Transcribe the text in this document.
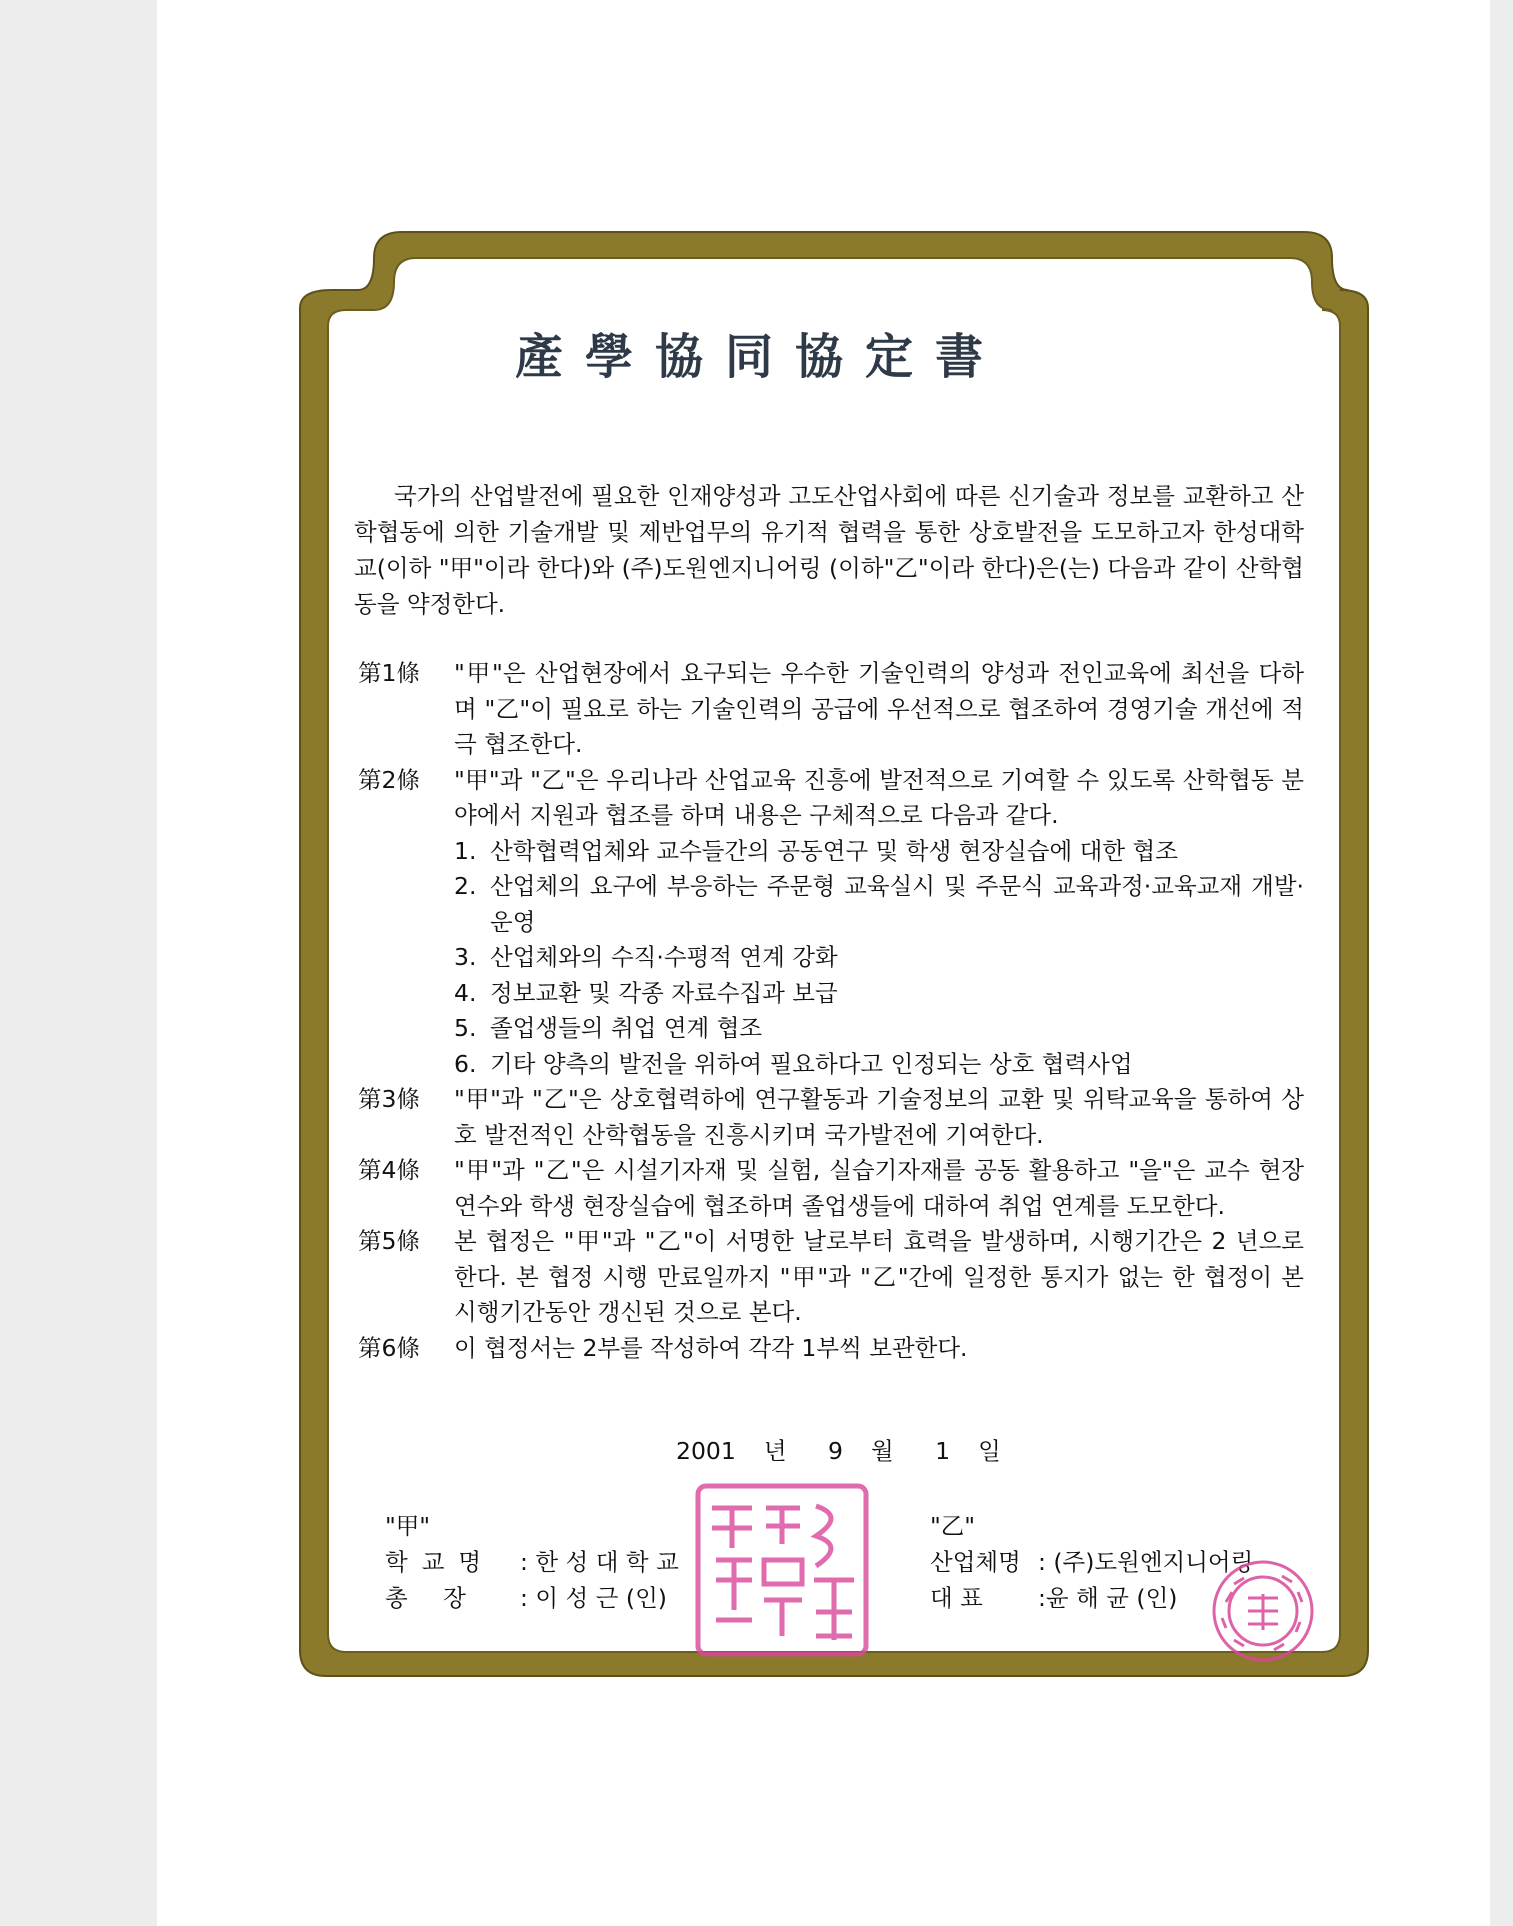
產學協同協定書

국가의 산업발전에 필요한 인재양성과 고도산업사회에 따른 신기술과 정보를 교환하고 산학협동에 의한 기술개발 및 제반업무의 유기적 협력을 통한 상호발전을 도모하고자 한성대학교(이하 "甲"이라 한다)와 (주)도원엔지니어링 (이하"乙"이라 한다)은(는) 다음과 같이 산학협동을 약정한다.

第1條	"甲"은 산업현장에서 요구되는 우수한 기술인력의 양성과 전인교육에 최선을 다하며 "乙"이 필요로 하는 기술인력의 공급에 우선적으로 협조하여 경영기술 개선에 적극 협조한다.
第2條	"甲"과 "乙"은 우리나라 산업교육 진흥에 발전적으로 기여할 수 있도록 산학협동 분야에서 지원과 협조를 하며 내용은 구체적으로 다음과 같다.
1. 산학협력업체와 교수들간의 공동연구 및 학생 현장실습에 대한 협조
2. 산업체의 요구에 부응하는 주문형 교육실시 및 주문식 교육과정·교육교재 개발·운영
3. 산업체와의 수직·수평적 연계 강화
4. 정보교환 및 각종 자료수집과 보급
5. 졸업생들의 취업 연계 협조
6. 기타 양측의 발전을 위하여 필요하다고 인정되는 상호 협력사업
第3條	"甲"과 "乙"은 상호협력하에 연구활동과 기술정보의 교환 및 위탁교육을 통하여 상호 발전적인 산학협동을 진흥시키며 국가발전에 기여한다.
第4條	"甲"과 "乙"은 시설기자재 및 실험, 실습기자재를 공동 활용하고 "을"은 교수 현장연수와 학생 현장실습에 협조하며 졸업생들에 대하여 취업 연계를 도모한다.
第5條	본 협정은 "甲"과 "乙"이 서명한 날로부터 효력을 발생하며, 시행기간은 2 년으로 한다. 본 협정 시행 만료일까지 "甲"과 "乙"간에 일정한 통지가 없는 한 협정이 본 시행기간동안 갱신된 것으로 본다.
第6條	이 협정서는 2부를 작성하여 각각 1부씩 보관한다.
2001 년 9 월 1 일
"甲"
학교명	: 한 성 대 학 교
총 장	: 이 성 근 (인)
"乙"
산업체명 : (주)도원엔지니어링
대 표	:윤 해 균 (인)
